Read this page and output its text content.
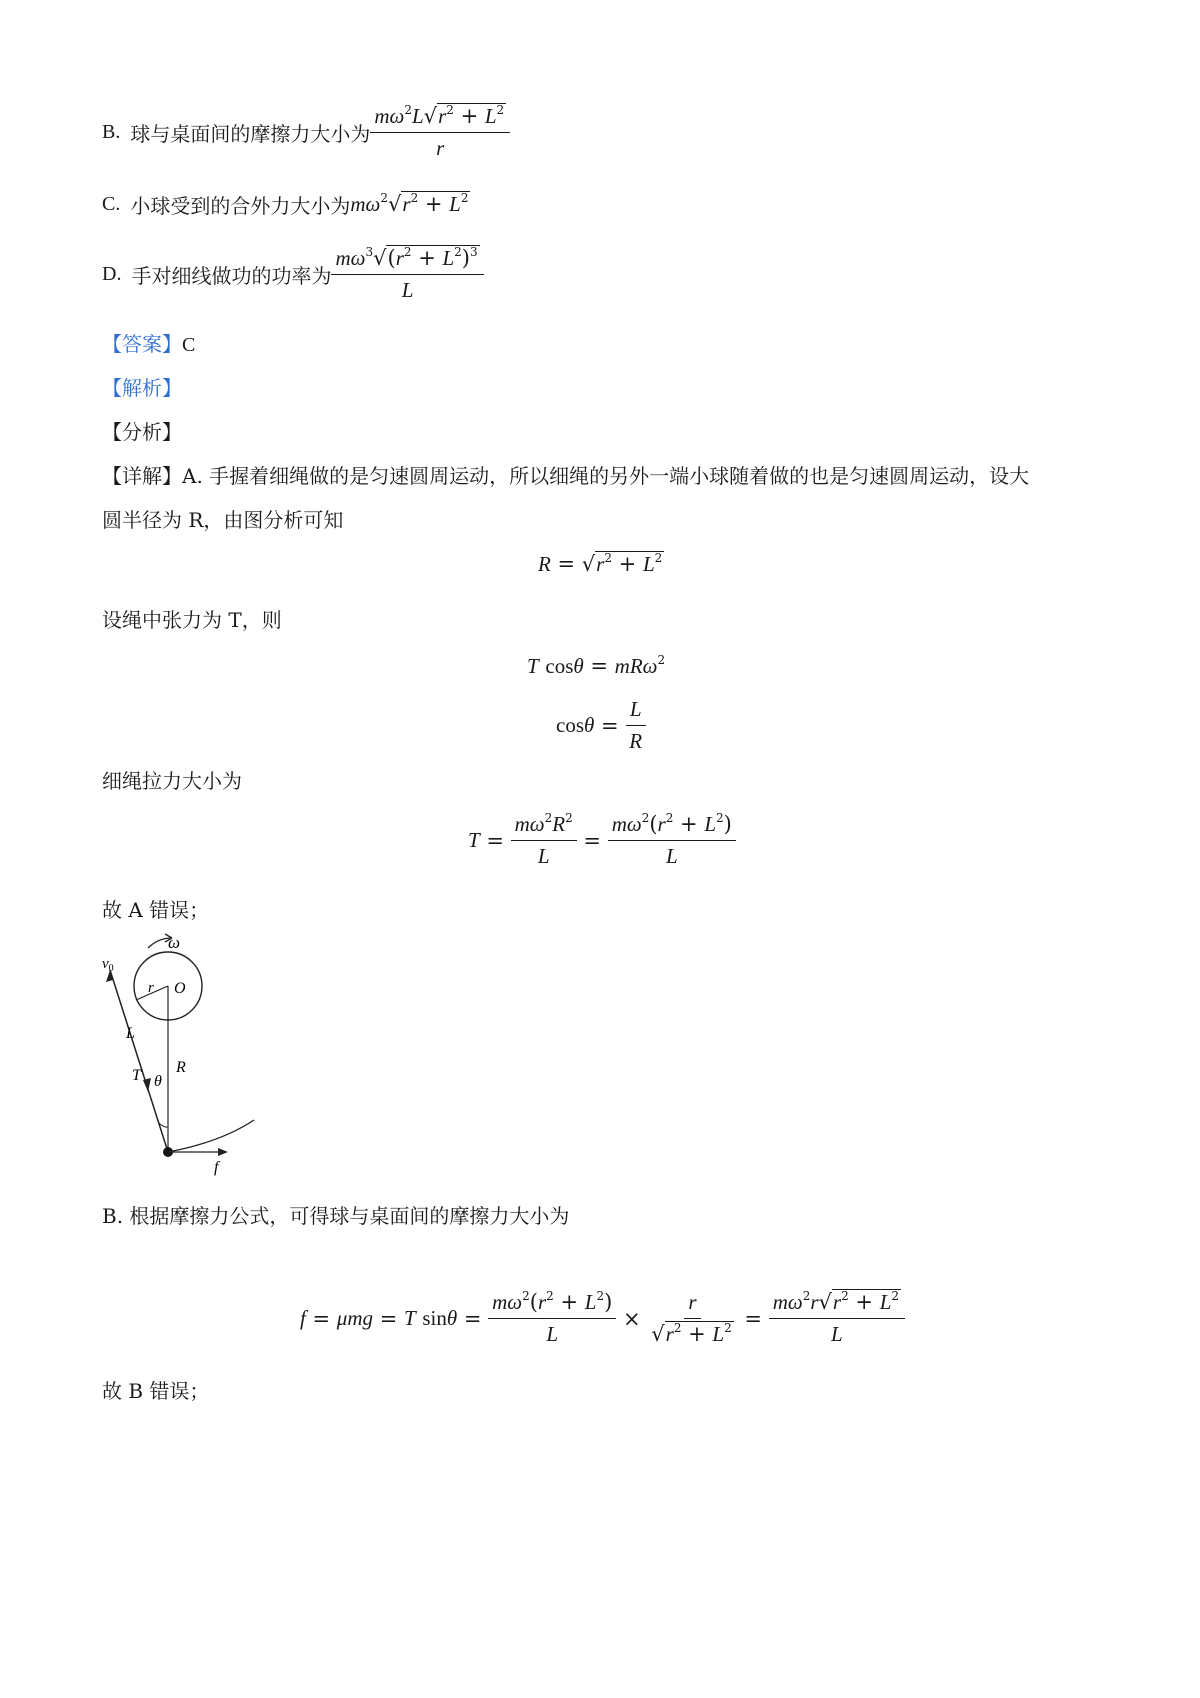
B. 球与桌面间的摩擦力大小为 $\frac{m\omega^2L√r^2 + L^2}{r}$
C. 小球受到的合外力大小为 $m\omega^2√r^2 + L^2$
D. 手对细线做功的功率为 $\frac{m\omega^3√(r^2 + L^2)^3}{L}$
【答案】C
【解析】
【分析】
【详解】A. 手握着细绳做的是匀速圆周运动，所以细绳的另外一端小球随着做的也是匀速圆周运动，设大
圆半径为 R，由图分析可知
$R = √r^2 + L^2$
设绳中张力为 T，则
T cosθ = mRω$^2$
$\cos \theta = \frac{L}{R}$
细绳拉力大小为
$T = \frac{m\omega^2R^2}{L} = \frac{m\omega^2(r^2 + L^2)}{L}$
故 A 错误；
$v_0$
ω
r O
L
T θ
R
f
B. 根据摩擦力公式，可得球与桌面间的摩擦力大小为
f = μmg = T
$\sin \theta = \frac{m\omega^2(r^2 + L^2)}{L} \times \frac{r}{√r^2 + L^2} = \frac{m\omega^2r√r^2 + L^2}{L}$
故 B 错误；
